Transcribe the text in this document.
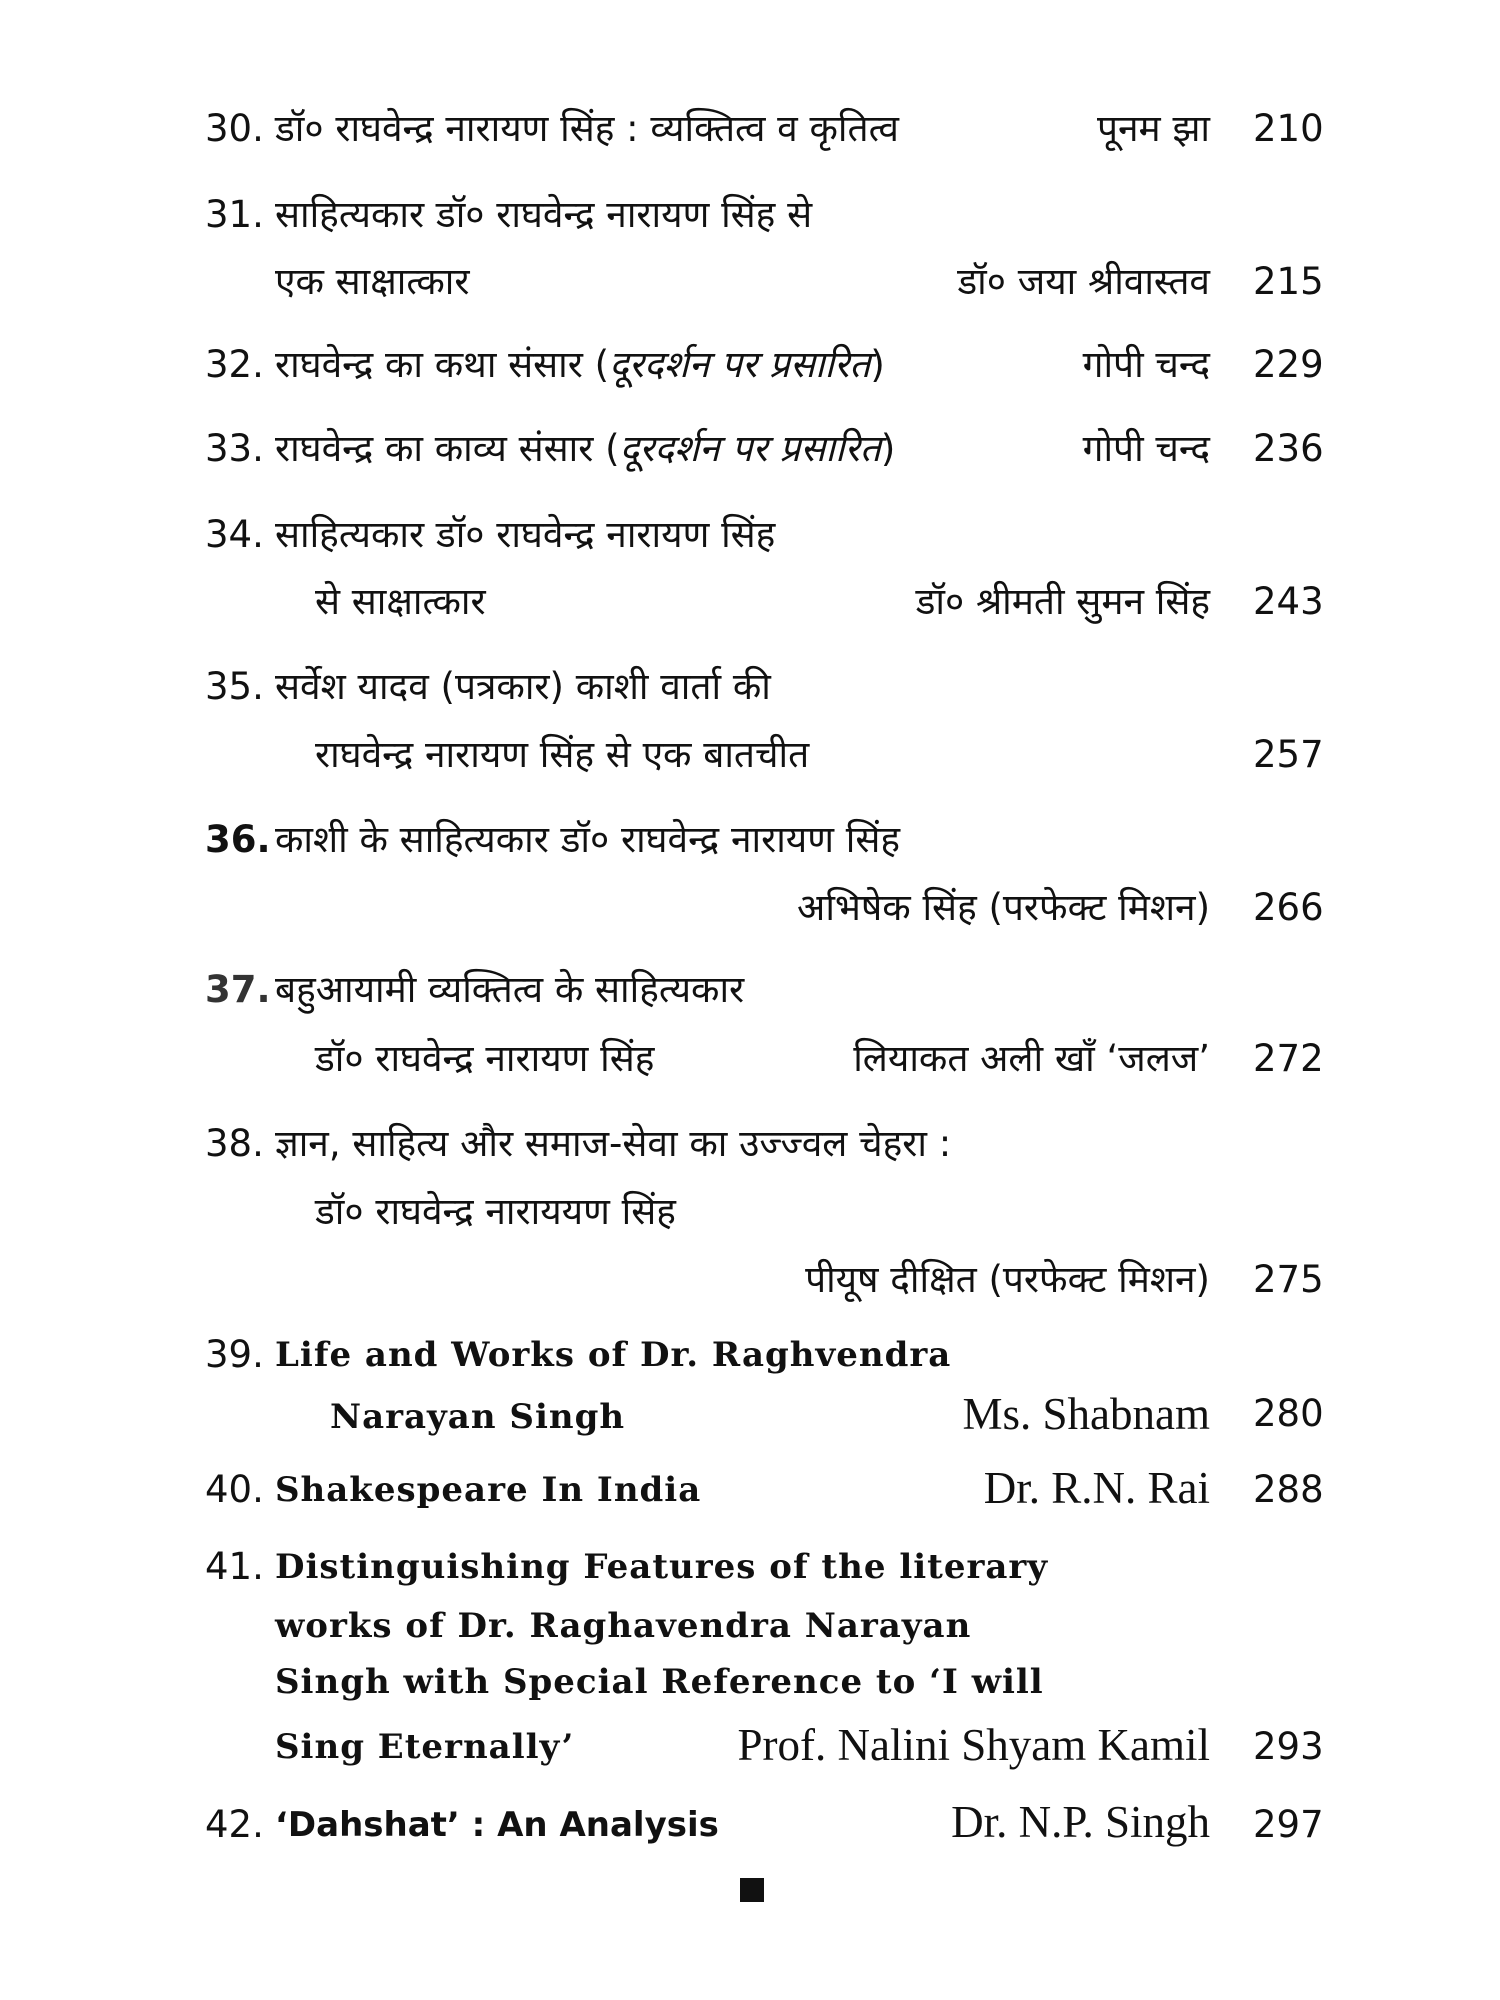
30. डॉ० राघवेन्द्र नारायण सिंह : व्यक्तित्व व कृतित्व	पूनम झा 210
31. साहित्यकार डॉ० राघवेन्द्र नारायण सिंह से
एक साक्षात्कार	डॉ० जया श्रीवास्तव 215
32. राघवेन्द्र का कथा संसार (दूरदर्शन पर प्रसारित)	गोपी चन्द 229
33. राघवेन्द्र का काव्य संसार (दूरदर्शन पर प्रसारित)	गोपी चन्द 236
34. साहित्यकार डॉ० राघवेन्द्र नारायण सिंह
से साक्षात्कार	डॉ० श्रीमती सुमन सिंह 243
35. सर्वेश यादव (पत्रकार) काशी वार्ता की
राघवेन्द्र नारायण सिंह से एक बातचीत	257
36. काशी के साहित्यकार डॉ० राघवेन्द्र नारायण सिंह
अभिषेक सिंह (परफेक्ट मिशन) 266
37. बहुआयामी व्यक्तित्व के साहित्यकार
डॉ० राघवेन्द्र नारायण सिंह	लियाकत अली खाँ ‘जलज’ 272
38. ज्ञान, साहित्य और समाज-सेवा का उज्ज्वल चेहरा :
डॉ० राघवेन्द्र नाराययण सिंह
पीयूष दीक्षित (परफेक्ट मिशन) 275
39. Life and Works of Dr. Raghvendra
Narayan Singh	Ms. Shabnam 280
40. Shakespeare In India	Dr. R.N. Rai 288
41. Distinguishing Features of the literary
works of Dr. Raghavendra Narayan
Singh with Special Reference to ‘I will
Sing Eternally’	Prof. Nalini Shyam Kamil 293
42. ‘Dahshat’ : An Analysis	Dr. N.P. Singh 297
